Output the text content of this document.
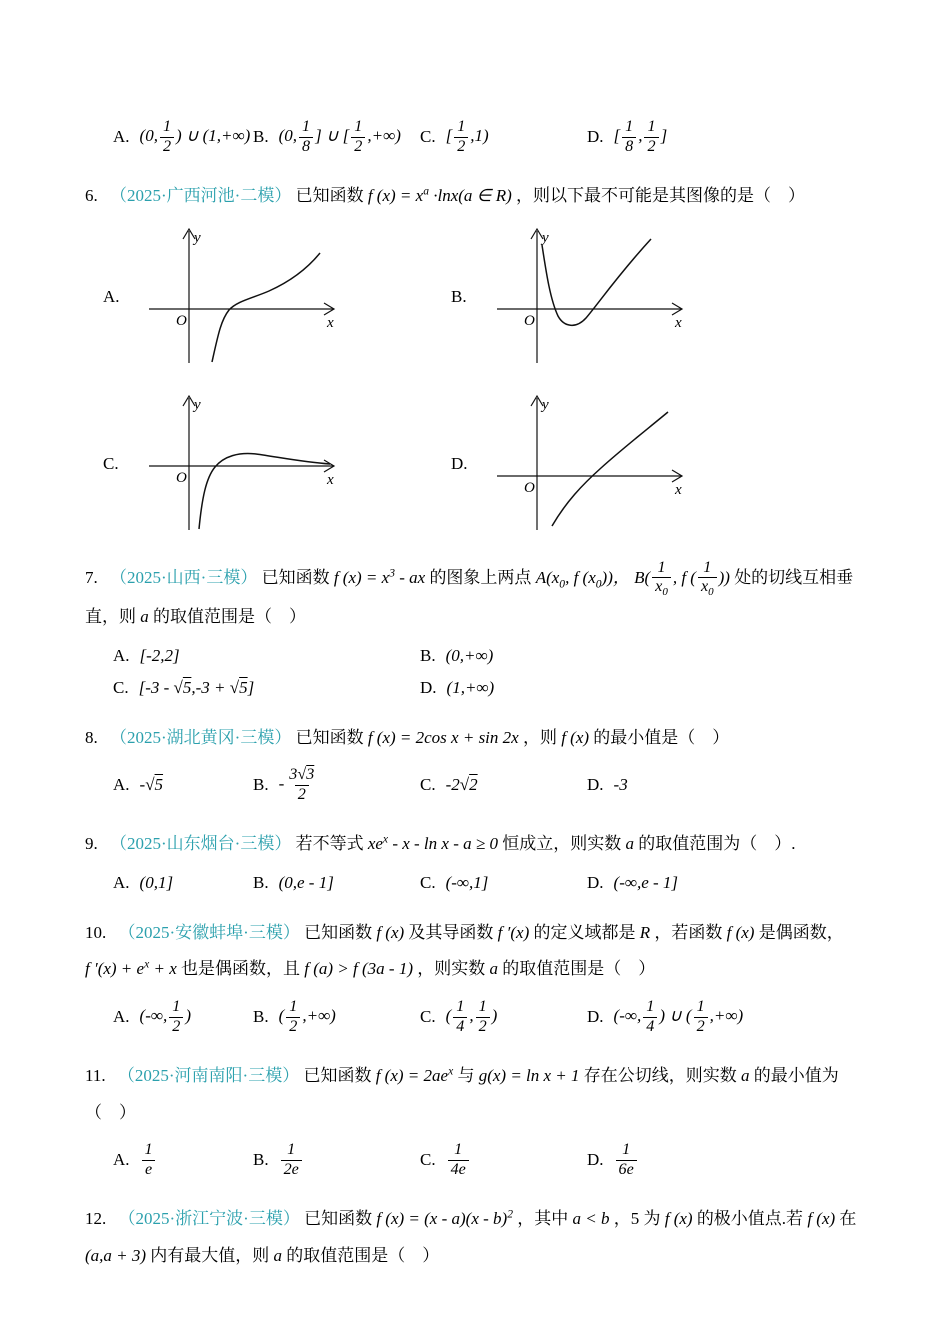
A. (0, $\frac{1}{2}$ ) ∪ (1,+∞) B. (0, $\frac{1}{8}$ ] ∪ [ $\frac{1}{2}$ ,+∞) C. [ $\frac{1}{2} ,1$)	D. [ $\frac{1}{8}$ , $\frac{1}{2}$ ]

6. （2025·广西河池·二模） 已知函数 f $(x) = x^a \cdot\ln x(a$ ∈ R) ，则以下最不可能是其图像的是（　）

A.
y
O	x
B.
y
O	x
C.
y
O	x
D.
y
O	x

7. （2025·山西·三模） 已知函数 f $(x) = x^3$ - ax 的图象上两点 $A(x_0$, f $(x_0)$)， $B( \frac{1}{x_0}$ , f ( $\frac{1}{x_0}$ )) 处的切线互相垂直，则 a 的取值范围是（　）

A. [-2,2]	B. (0,+∞)
C. [-3 - √5,-3 + √5]	D. (1,+∞)

8. （2025·湖北黄冈·三模） 已知函数 f (x) = 2cos x + sin 2x ，则 f (x) 的最小值是（　）

A. -√5	B. - $\frac{3√3}{2}$	C. -2√2	D. -3

9. （2025·山东烟台·三模） 若不等式 $xe^x - x - \ln x - a \ge 0$ 恒成立，则实数 a 的取值范围为（　）.

A. (0,1]	B. (0,e - 1]	C. (-∞,1]	D. (-∞,e - 1]

10. （2025·安徽蚌埠·三模） 已知函数 f (x) 及其导函数 f ′(x) 的定义域都是 R ，若函数 f (x) 是偶函数， f $'(x) + e^x + x$ 也是偶函数，且 f (a) > f (3a - 1) ，则实数 a 的取值范围是（　）

A. (-∞, $\frac{1}{2}$ )	B. ( $\frac{1}{2}$ ,+∞)	C. ( $\frac{1}{4}$ , $\frac{1}{2}$ )	D. (-∞, $\frac{1}{4}$ ) ∪ ( $\frac{1}{2}$ ,+∞)

11. （2025·河南南阳·三模） 已知函数 f $(x) = 2ae^x$ 与 g(x) = ln x + 1 存在公切线，则实数 a 的最小值为（　）

A. $\frac{1}{e}$	B. $\frac{1}{2e}$	C. $\frac{1}{4e}$	D. $\frac{1}{6e}$

12. （2025·浙江宁波·三模） 已知函数 f (x) = (x - a)(x - b)$^2$ ，其中 a < b ，5 为 f (x) 的极小值点.若 f (x) 在 (a,a + 3) 内有最大值，则 a 的取值范围是（　）
